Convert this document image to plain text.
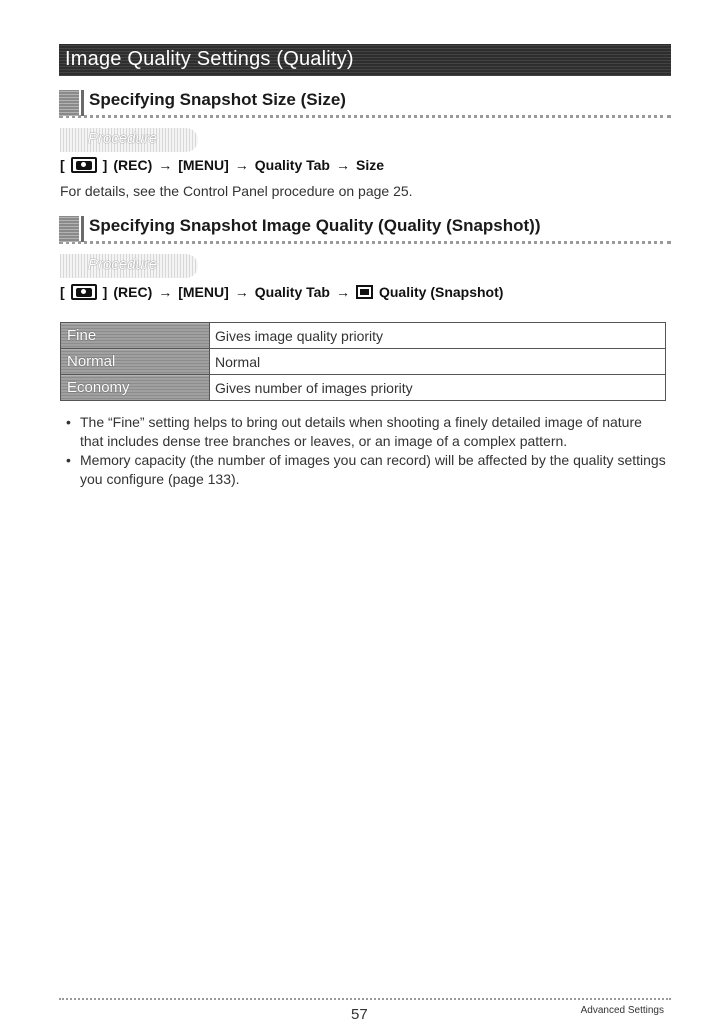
Image Quality Settings (Quality)
Specifying Snapshot Size (Size)
Procedure
[	] (REC) → [MENU] → Quality Tab → Size
For details, see the Control Panel procedure on page 25.
Specifying Snapshot Image Quality (Quality (Snapshot))
Procedure
[	] (REC) → [MENU] → Quality Tab → Quality (Snapshot)
Fine	Gives image quality priority
Normal	Normal
Economy	Gives number of images priority
• The “Fine” setting helps to bring out details when shooting a finely detailed image of nature that includes dense tree branches or leaves, or an image of a complex pattern.
• Memory capacity (the number of images you can record) will be affected by the quality settings you configure (page 133).
57	Advanced Settings
